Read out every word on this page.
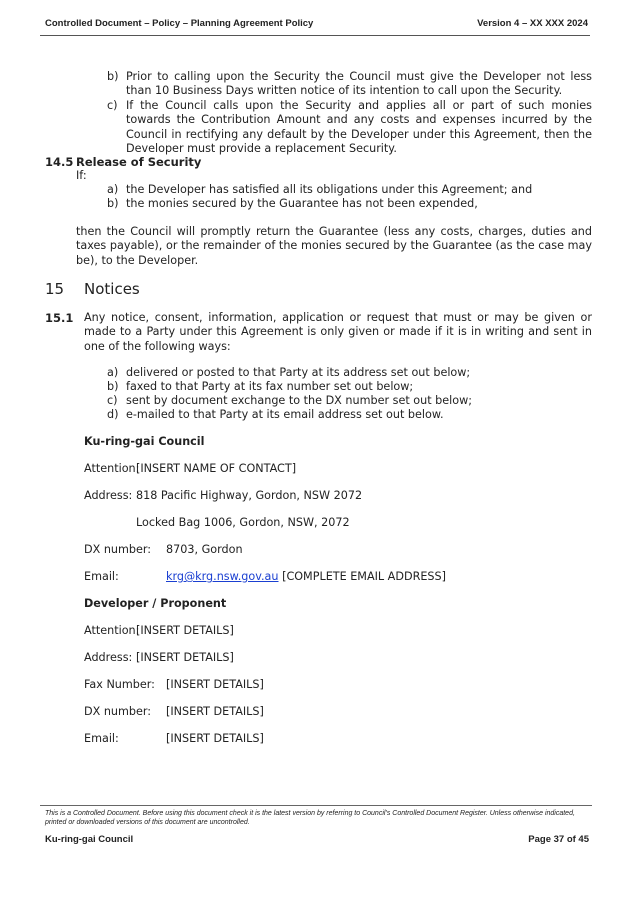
Controlled Document – Policy – Planning Agreement Policy	Version 4 – XX XXX 2024
b) Prior to calling upon the Security the Council must give the Developer not less than 10 Business Days written notice of its intention to call upon the Security.
c) If the Council calls upon the Security and applies all or part of such monies towards the Contribution Amount and any costs and expenses incurred by the Council in rectifying any default by the Developer under this Agreement, then the Developer must provide a replacement Security.
14.5 Release of Security
If:
a) the Developer has satisfied all its obligations under this Agreement; and
b) the monies secured by the Guarantee has not been expended,
then the Council will promptly return the Guarantee (less any costs, charges, duties and taxes payable), or the remainder of the monies secured by the Guarantee (as the case may be), to the Developer.
15 Notices
15.1 Any notice, consent, information, application or request that must or may be given or made to a Party under this Agreement is only given or made if it is in writing and sent in one of the following ways:
a) delivered or posted to that Party at its address set out below;
b) faxed to that Party at its fax number set out below;
c) sent by document exchange to the DX number set out below;
d) e-mailed to that Party at its email address set out below.
Ku-ring-gai Council
Attention:
[INSERT NAME OF CONTACT]
Address: 818 Pacific Highway, Gordon, NSW 2072
Locked Bag 1006, Gordon, NSW, 2072
DX number: 8703, Gordon
Email:	krg@krg.nsw.gov.au [COMPLETE EMAIL ADDRESS]
Developer / Proponent
Attention:
[INSERT DETAILS]
Address: [INSERT DETAILS]
Fax Number: [INSERT DETAILS]
DX number: [INSERT DETAILS]
Email:	[INSERT DETAILS]
This is a Controlled Document. Before using this document check it is the latest version by referring to Council’s Controlled Document Register. Unless otherwise indicated, printed or downloaded versions of this document are uncontrolled.
Ku-ring-gai Council	Page 37 of 45
